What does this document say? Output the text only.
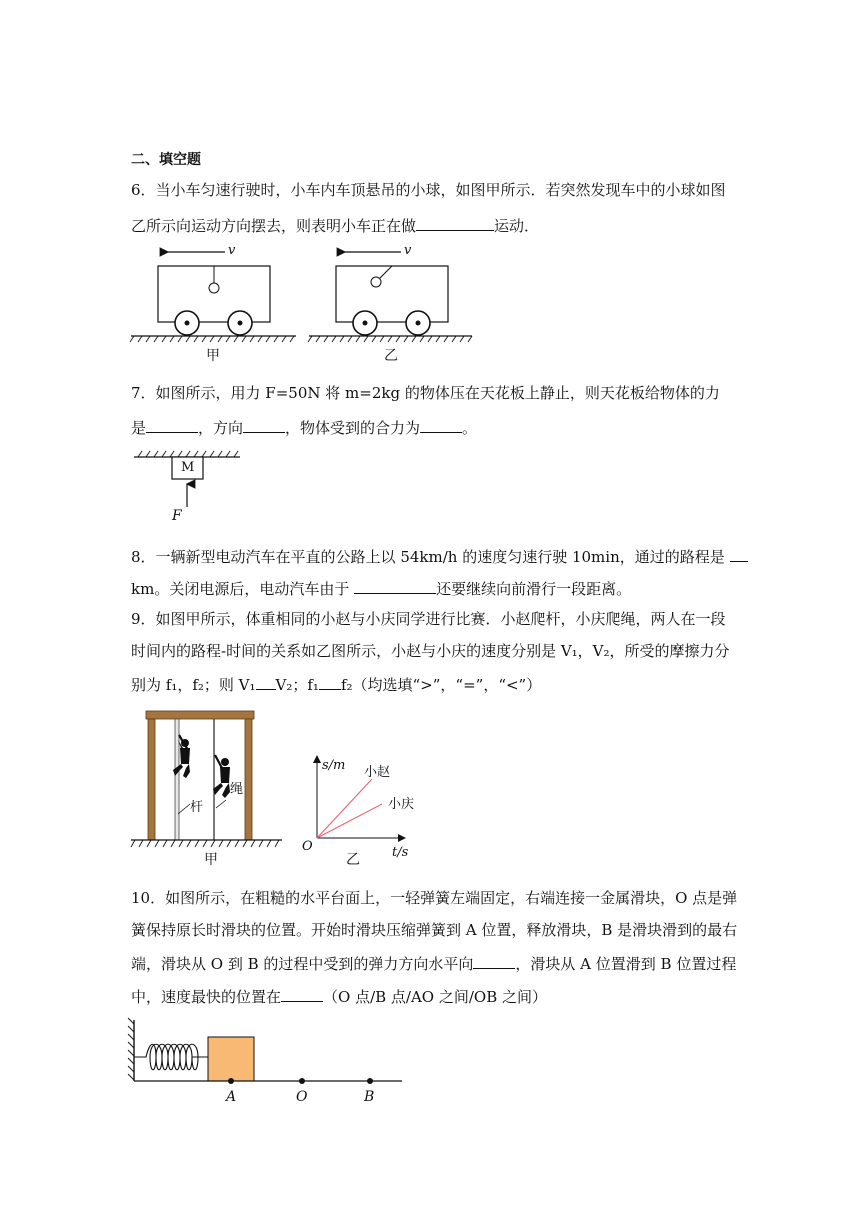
二、填空题
6．当小车匀速行驶时，小车内车顶悬吊的小球，如图甲所示．若突然发现车中的小球如图
乙所示向运动方向摆去，则表明小车正在做	运动．
v	v
甲	乙
7．如图所示，用力 F=50N 将 m=2kg 的物体压在天花板上静止，则天花板给物体的力
是	，方向	，物体受到的合力为	。
M
F
8．一辆新型电动汽车在平直的公路上以 54km/h 的速度匀速行驶 10min，通过的路程是
km。关闭电源后，电动汽车由于	还要继续向前滑行一段距离。
9．如图甲所示，体重相同的小赵与小庆同学进行比赛．小赵爬杆，小庆爬绳，两人在一段
时间内的路程-时间的关系如乙图所示，小赵与小庆的速度分别是 V₁，V₂，所受的摩擦力分
别为 f₁，f₂；则 V₁ V₂；f₁ f₂（均选填“>”，“=”，“<”）
杆
绳
甲
s/m
t/s
O
小赵
小庆
乙
10．如图所示，在粗糙的水平台面上，一轻弹簧左端固定，右端连接一金属滑块，O 点是弹
簧保持原长时滑块的位置。开始时滑块压缩弹簧到 A 位置，释放滑块，B 是滑块滑到的最右
端，滑块从 O 到 B 的过程中受到的弹力方向水平向	，滑块从 A 位置滑到 B 位置过程
中，速度最快的位置在	（O 点/B 点/AO 之间/OB 之间）
A	O	B
